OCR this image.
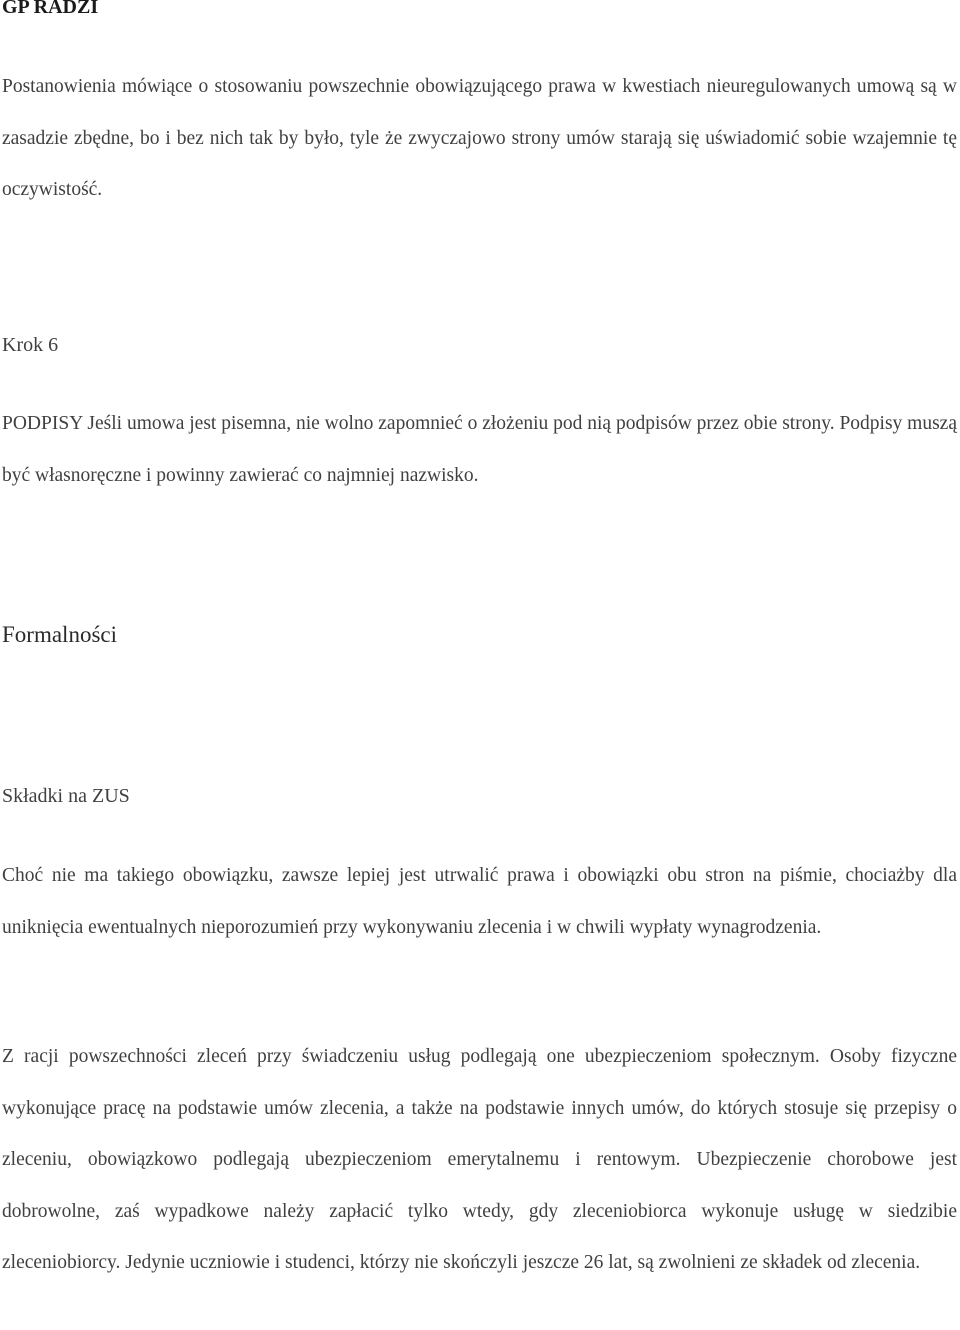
GP RADZI

Postanowienia mówiące o stosowaniu powszechnie obowiązującego prawa w kwestiach nieuregulowanych umową są w zasadzie zbędne, bo i bez nich tak by było, tyle że zwyczajowo strony umów starają się uświadomić sobie wzajemnie tę oczywistość.

Krok 6

PODPISY Jeśli umowa jest pisemna, nie wolno zapomnieć o złożeniu pod nią podpisów przez obie strony. Podpisy muszą być własnoręczne i powinny zawierać co najmniej nazwisko.

Formalności

Składki na ZUS

Choć nie ma takiego obowiązku, zawsze lepiej jest utrwalić prawa i obowiązki obu stron na piśmie, chociażby dla uniknięcia ewentualnych nieporozumień przy wykonywaniu zlecenia i w chwili wypłaty wynagrodzenia.

Z racji powszechności zleceń przy świadczeniu usług podlegają one ubezpieczeniom społecznym. Osoby fizyczne wykonujące pracę na podstawie umów zlecenia, a także na podstawie innych umów, do których stosuje się przepisy o zleceniu, obowiązkowo podlegają ubezpieczeniom emerytalnemu i rentowym. Ubezpieczenie chorobowe jest dobrowolne, zaś wypadkowe należy zapłacić tylko wtedy, gdy zleceniobiorca wykonuje usługę w siedzibie zleceniobiorcy. Jedynie uczniowie i studenci, którzy nie skończyli jeszcze 26 lat, są zwolnieni ze składek od zlecenia.
